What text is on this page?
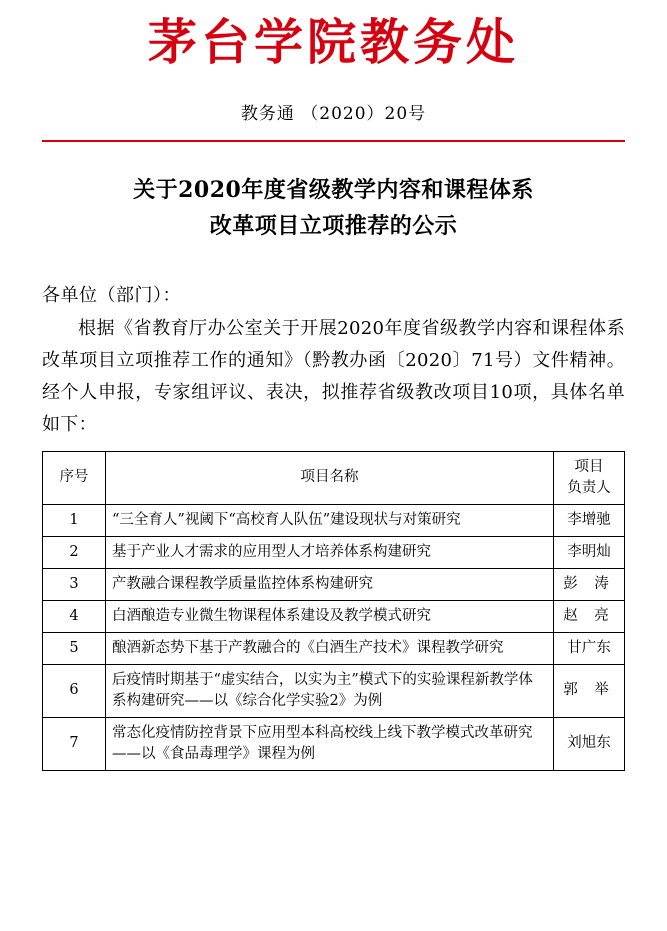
茅台学院教务处
教务通 （2020）20号
关于2020年度省级教学内容和课程体系
改革项目立项推荐的公示
各单位（部门）：
根据《省教育厅办公室关于开展2020年度省级教学内容和课程体系改革项目立项推荐工作的通知》（黔教办函〔2020〕71号）文件精神。经个人申报，专家组评议、表决，拟推荐省级教改项目10项，具体名单如下：
序号	项目名称	项目
负责人

1	“三全育人”视阈下“高校育人队伍”建设现状与对策研究	李增驰
2	基于产业人才需求的应用型人才培养体系构建研究	李明灿
3	产教融合课程教学质量监控体系构建研究	彭 涛
4	白酒酿造专业微生物课程体系建设及教学模式研究	赵 亮
5	酿酒新态势下基于产教融合的《白酒生产技术》课程教学研究	甘广东
6	后疫情时期基于“虚实结合，以实为主”模式下的实验课程新教学体系构建研究——以《综合化学实验2》为例	郭 举
7	常态化疫情防控背景下应用型本科高校线上线下教学模式改革研究——以《食品毒理学》课程为例	刘旭东
